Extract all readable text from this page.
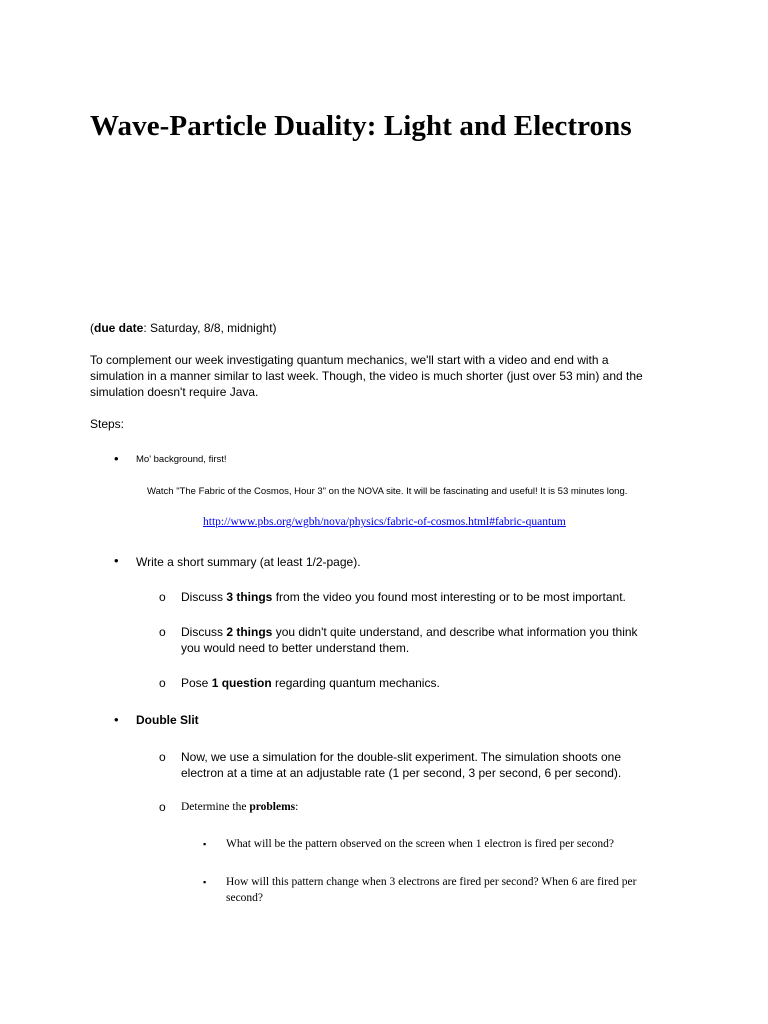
Wave-Particle Duality: Light and Electrons
(due date: Saturday, 8/8, midnight)
To complement our week investigating quantum mechanics, we'll start with a video and end with a
simulation in a manner similar to last week. Though, the video is much shorter (just over 53 min) and the
simulation doesn't require Java.
Steps:
• Mo' background, first!
Watch "The Fabric of the Cosmos, Hour 3" on the NOVA site. It will be fascinating and useful! It is 53 minutes long.
http://www.pbs.org/wgbh/nova/physics/fabric-of-cosmos.html#fabric-quantum
• Write a short summary (at least 1/2-page).
o Discuss 3 things from the video you found most interesting or to be most important.
o Discuss 2 things you didn't quite understand, and describe what information you think
you would need to better understand them.
o Pose 1 question regarding quantum mechanics.
• Double Slit
o Now, we use a simulation for the double-slit experiment. The simulation shoots one
electron at a time at an adjustable rate (1 per second, 3 per second, 6 per second).
o Determine the problems:
▪ What will be the pattern observed on the screen when 1 electron is fired per second?
▪ How will this pattern change when 3 electrons are fired per second? When 6 are fired per
second?
